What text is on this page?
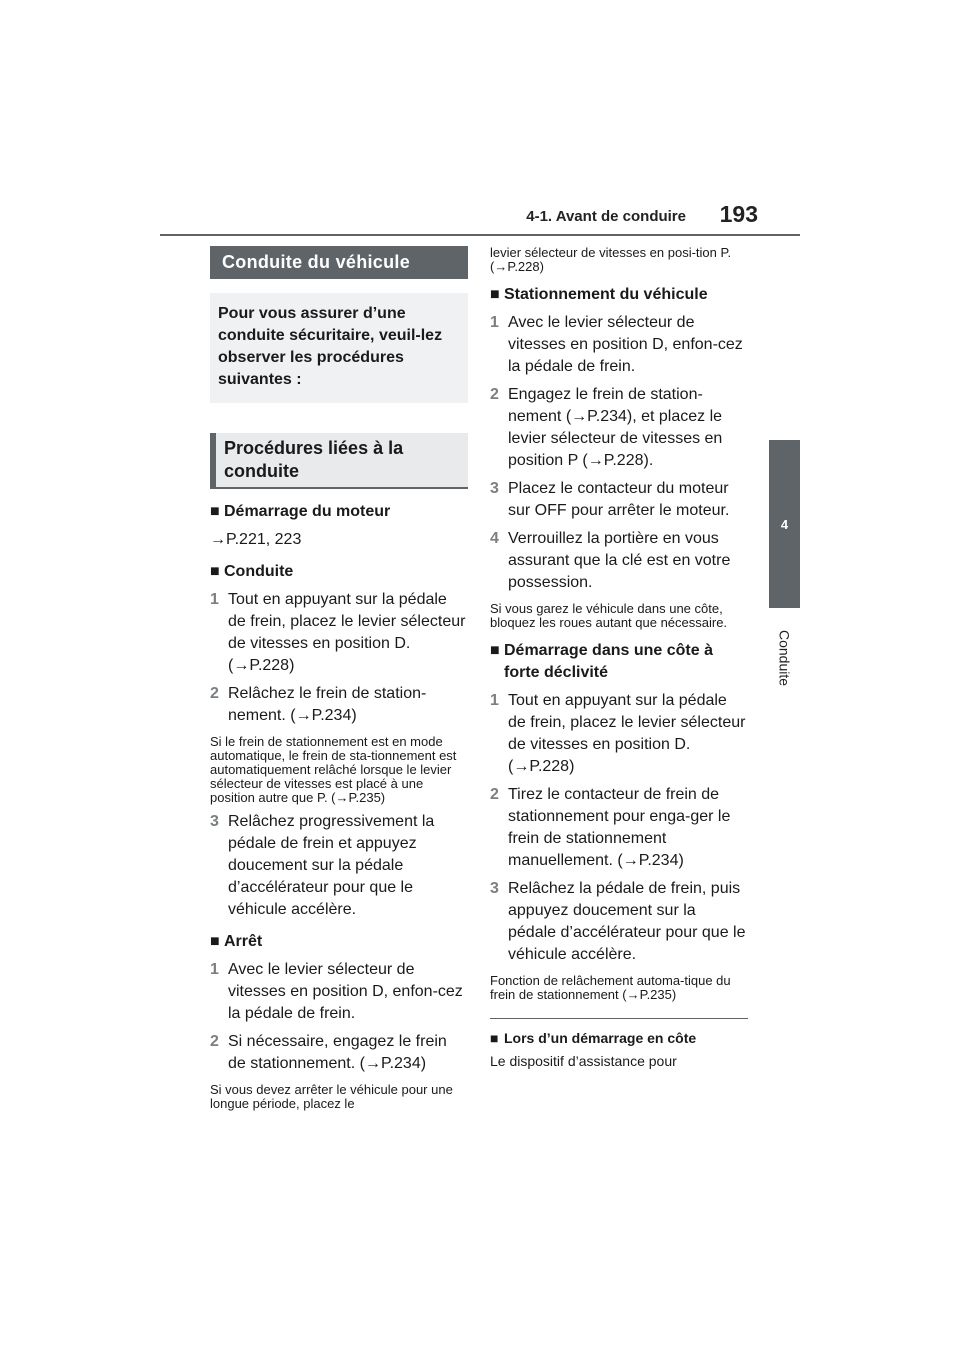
4-1. Avant de conduire 193
4
Conduite
Conduite du véhicule
Pour vous assurer d’une conduite sécuritaire, veuil-lez observer les procédures suivantes :
Procédures liées à la conduite
■ Démarrage du moteur
→P.221, 223
■ Conduite
1 Tout en appuyant sur la pédale de frein, placez le levier sélecteur de vitesses en position D. (→P.228)
2 Relâchez le frein de station-nement. (→P.234)
Si le frein de stationnement est en mode automatique, le frein de sta-tionnement est automatiquement relâché lorsque le levier sélecteur de vitesses est placé à une position autre que P. (→P.235)
3 Relâchez progressivement la pédale de frein et appuyez doucement sur la pédale d’accélérateur pour que le véhicule accélère.
■ Arrêt
1 Avec le levier sélecteur de vitesses en position D, enfon-cez la pédale de frein.
2 Si nécessaire, engagez le frein de stationnement. (→P.234)
Si vous devez arrêter le véhicule pour une longue période, placez le
levier sélecteur de vitesses en posi-tion P. (→P.228)
■ Stationnement du véhicule
1 Avec le levier sélecteur de vitesses en position D, enfon-cez la pédale de frein.
2 Engagez le frein de station-nement (→P.234), et placez le levier sélecteur de vitesses en position P (→P.228).
3 Placez le contacteur du moteur sur OFF pour arrêter le moteur.
4 Verrouillez la portière en vous assurant que la clé est en votre possession.
Si vous garez le véhicule dans une côte, bloquez les roues autant que nécessaire.
■ Démarrage dans une côte à forte déclivité
1 Tout en appuyant sur la pédale de frein, placez le levier sélecteur de vitesses en position D. (→P.228)
2 Tirez le contacteur de frein de stationnement pour enga-ger le frein de stationnement manuellement. (→P.234)
3 Relâchez la pédale de frein, puis appuyez doucement sur la pédale d’accélérateur pour que le véhicule accélère.
Fonction de relâchement automa-tique du frein de stationnement (→P.235)
■ Lors d’un démarrage en côte
Le dispositif d’assistance pour
